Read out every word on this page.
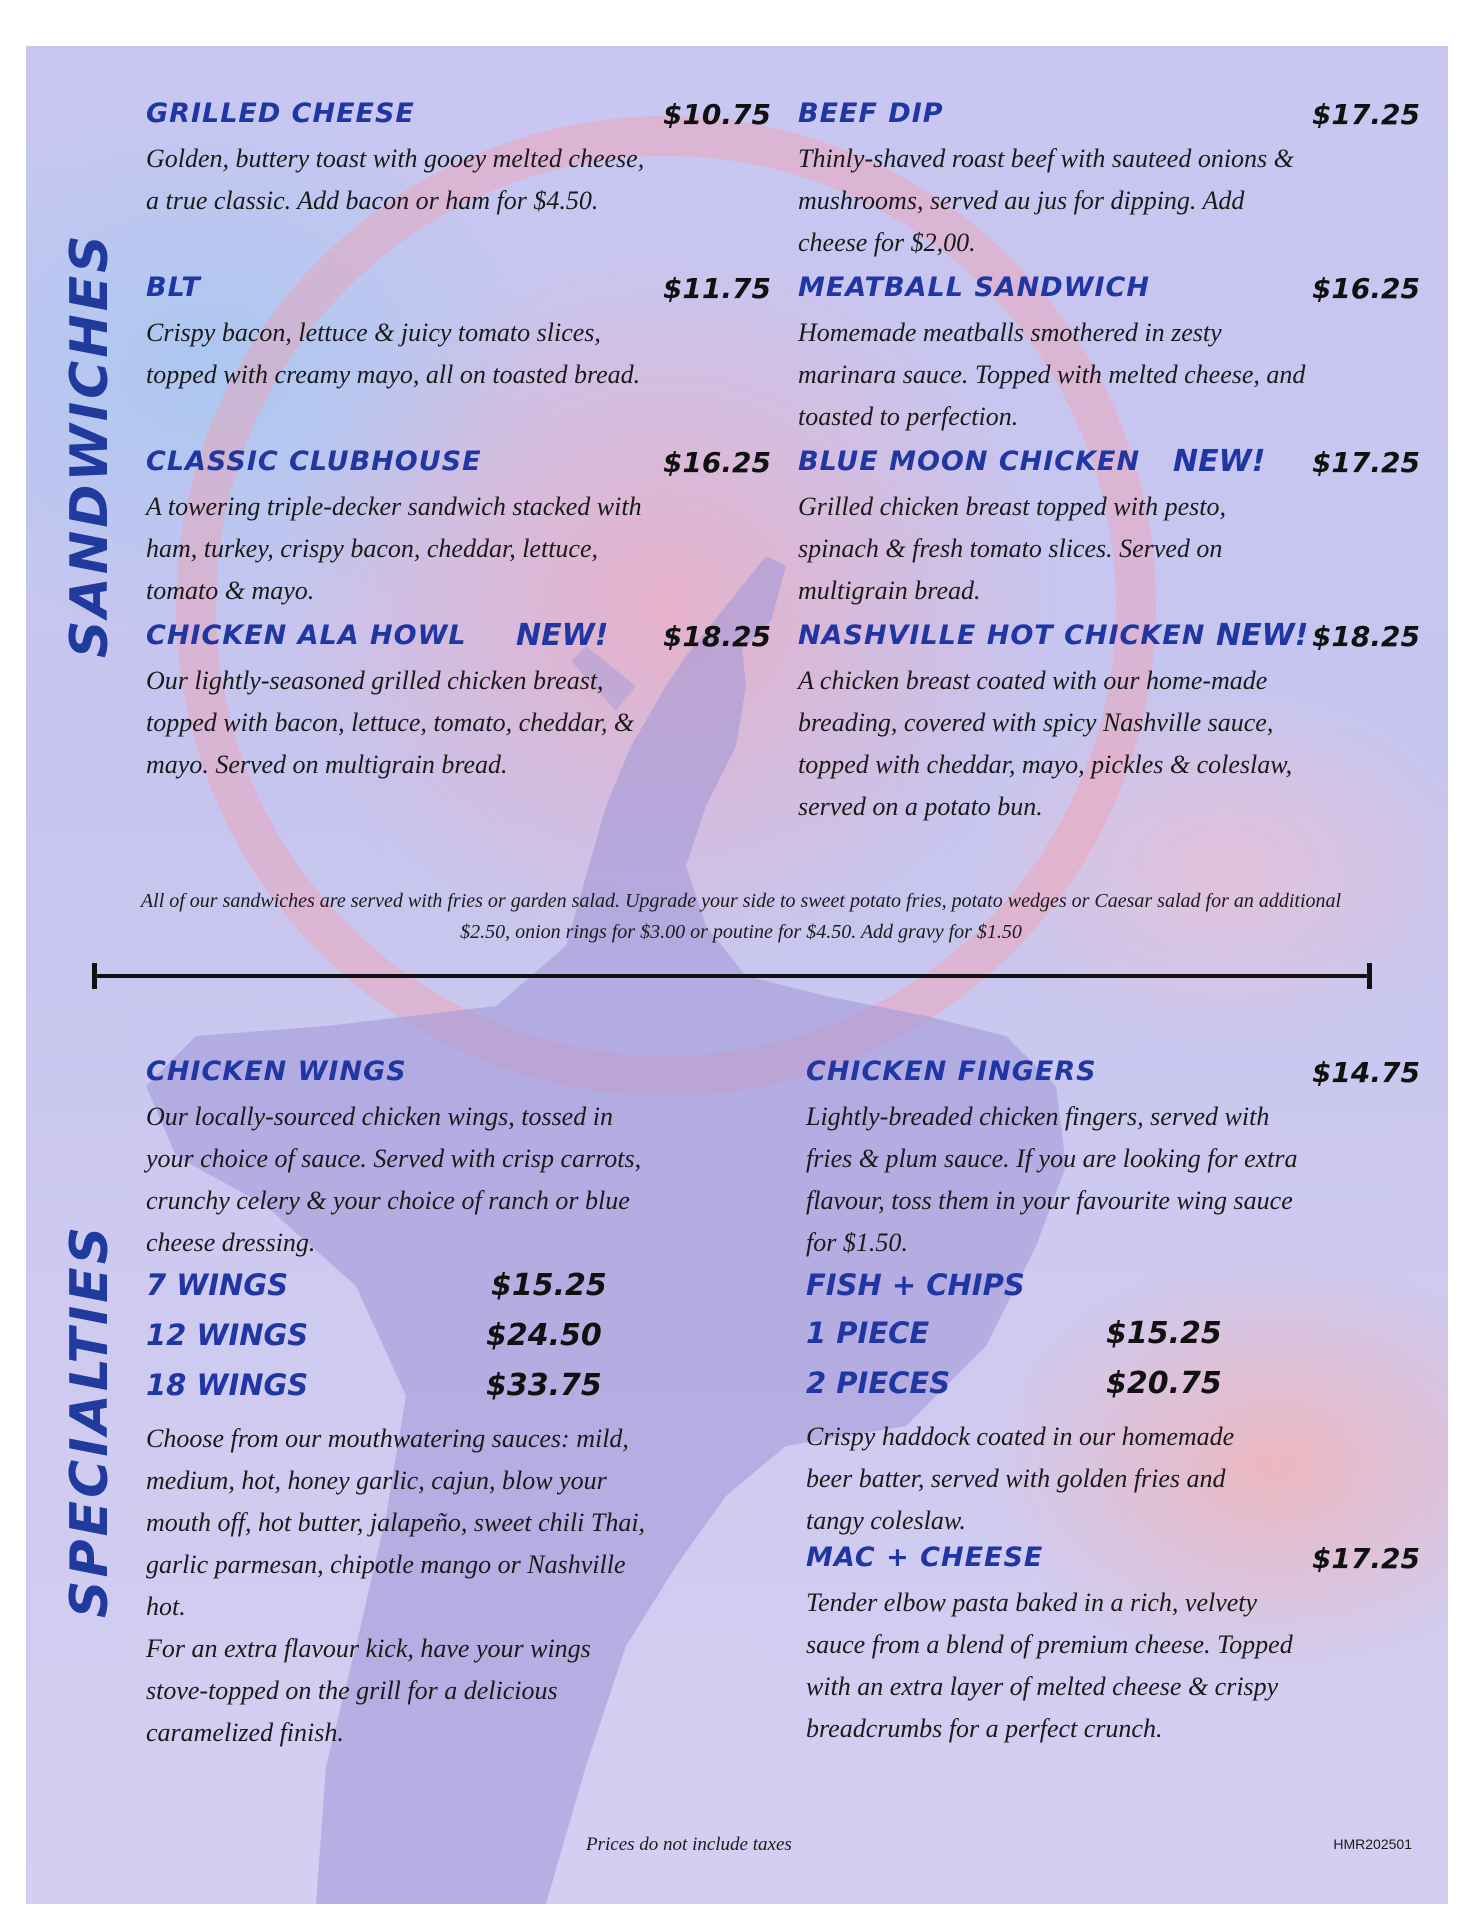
SANDWICHES
SPECIALTIES
GRILLED CHEESE	$10.75

Golden, buttery toast with gooey melted cheese, a true classic. Add bacon or ham for $4.50.

BLT	$11.75

Crispy bacon, lettuce & juicy tomato slices, topped with creamy mayo, all on toasted bread.

CLASSIC CLUBHOUSE	$16.25

A towering triple-decker sandwich stacked with ham, turkey, crispy bacon, cheddar, lettuce, tomato & mayo.

CHICKEN ALA HOWL NEW! $18.25

Our lightly-seasoned grilled chicken breast, topped with bacon, lettuce, tomato, cheddar, & mayo. Served on multigrain bread.

BEEF DIP	$17.25

Thinly-shaved roast beef with sauteed onions & mushrooms, served au jus for dipping. Add cheese for $2,00.

MEATBALL SANDWICH	$16.25

Homemade meatballs smothered in zesty marinara sauce. Topped with melted cheese, and toasted to perfection.

BLUE MOON CHICKEN NEW! $17.25

Grilled chicken breast topped with pesto, spinach & fresh tomato slices. Served on multigrain bread.

NASHVILLE HOT CHICKEN NEW! $18.25

A chicken breast coated with our home-made breading, covered with spicy Nashville sauce, topped with cheddar, mayo, pickles & coleslaw, served on a potato bun.

All of our sandwiches are served with fries or garden salad. Upgrade your side to sweet potato fries, potato wedges or Caesar salad for an additional $2.50, onion rings for $3.00 or poutine for $4.50. Add gravy for $1.50
CHICKEN WINGS

Our locally-sourced chicken wings, tossed in your choice of sauce. Served with crisp carrots, crunchy celery & your choice of ranch or blue cheese dressing.

7 WINGS	$15.25
12 WINGS	$24.50
18 WINGS	$33.75

Choose from our mouthwatering sauces: mild, medium, hot, honey garlic, cajun, blow your mouth off, hot butter, jalapeño, sweet chili Thai, garlic parmesan, chipotle mango or Nashville hot.

For an extra flavour kick, have your wings stove-topped on the grill for a delicious caramelized finish.

CHICKEN FINGERS	$14.75

Lightly-breaded chicken fingers, served with fries & plum sauce. If you are looking for extra flavour, toss them in your favourite wing sauce for $1.50.

FISH + CHIPS
1 PIECE	$15.25
2 PIECES	$20.75

Crispy haddock coated in our homemade beer batter, served with golden fries and tangy coleslaw.

MAC + CHEESE	$17.25

Tender elbow pasta baked in a rich, velvety sauce from a blend of premium cheese. Topped with an extra layer of melted cheese & crispy breadcrumbs for a perfect crunch.

Prices do not include taxes	HMR202501
